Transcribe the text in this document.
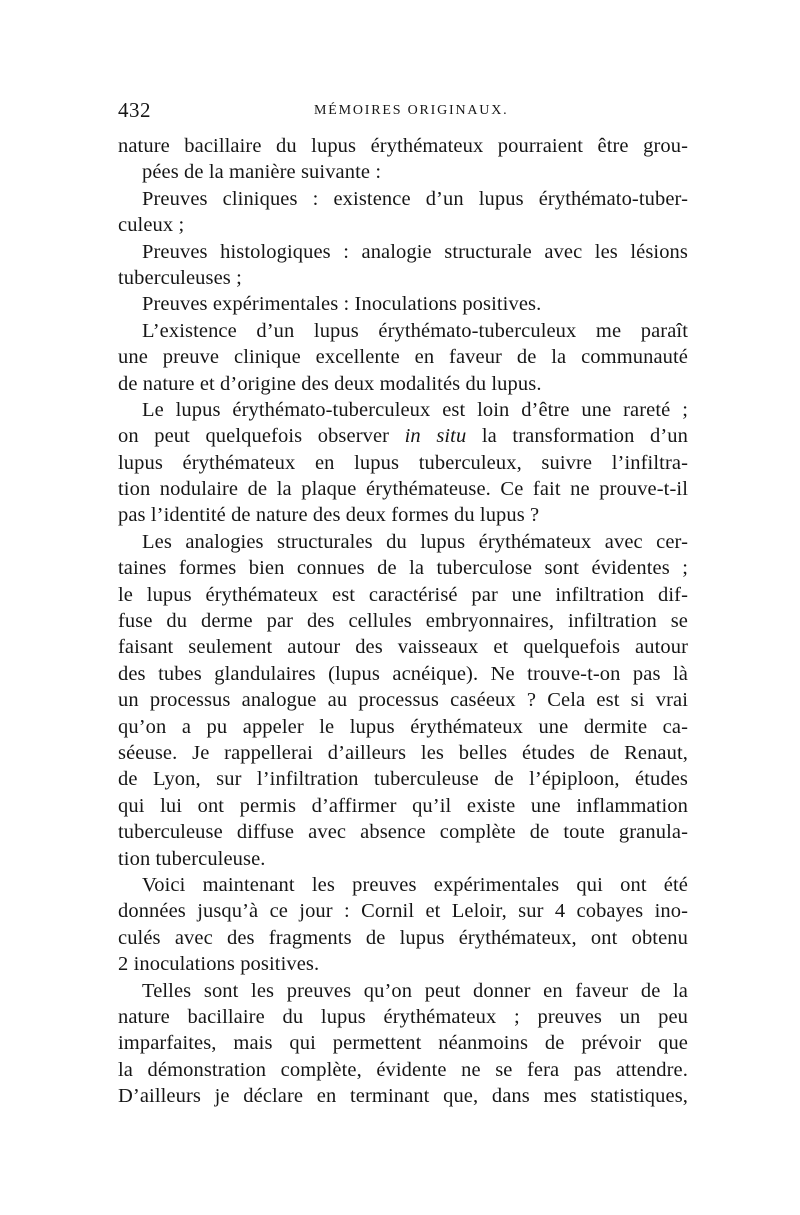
432	MÉMOIRES ORIGINAUX.
nature bacillaire du lupus érythémateux pourraient être grou-
pées de la manière suivante :
Preuves cliniques : existence d’un lupus érythémato-tuber-
culeux ;
Preuves histologiques : analogie structurale avec les lésions
tuberculeuses ;
Preuves expérimentales : Inoculations positives.
L’existence d’un lupus érythémato-tuberculeux me paraît
une preuve clinique excellente en faveur de la communauté
de nature et d’origine des deux modalités du lupus.
Le lupus érythémato-tuberculeux est loin d’être une rareté ;
on peut quelquefois observer in situ la transformation d’un
lupus érythémateux en lupus tuberculeux, suivre l’infiltra-
tion nodulaire de la plaque érythémateuse. Ce fait ne prouve-t-il
pas l’identité de nature des deux formes du lupus ?
Les analogies structurales du lupus érythémateux avec cer-
taines formes bien connues de la tuberculose sont évidentes ;
le lupus érythémateux est caractérisé par une infiltration dif-
fuse du derme par des cellules embryonnaires, infiltration se
faisant seulement autour des vaisseaux et quelquefois autour
des tubes glandulaires (lupus acnéique). Ne trouve-t-on pas là
un processus analogue au processus caséeux ? Cela est si vrai
qu’on a pu appeler le lupus érythémateux une dermite ca-
séeuse. Je rappellerai d’ailleurs les belles études de Renaut,
de Lyon, sur l’infiltration tuberculeuse de l’épiploon, études
qui lui ont permis d’affirmer qu’il existe une inflammation
tuberculeuse diffuse avec absence complète de toute granula-
tion tuberculeuse.
Voici maintenant les preuves expérimentales qui ont été
données jusqu’à ce jour : Cornil et Leloir, sur 4 cobayes ino-
culés avec des fragments de lupus érythémateux, ont obtenu
2 inoculations positives.
Telles sont les preuves qu’on peut donner en faveur de la
nature bacillaire du lupus érythémateux ; preuves un peu
imparfaites, mais qui permettent néanmoins de prévoir que
la démonstration complète, évidente ne se fera pas attendre.
D’ailleurs je déclare en terminant que, dans mes statistiques,
